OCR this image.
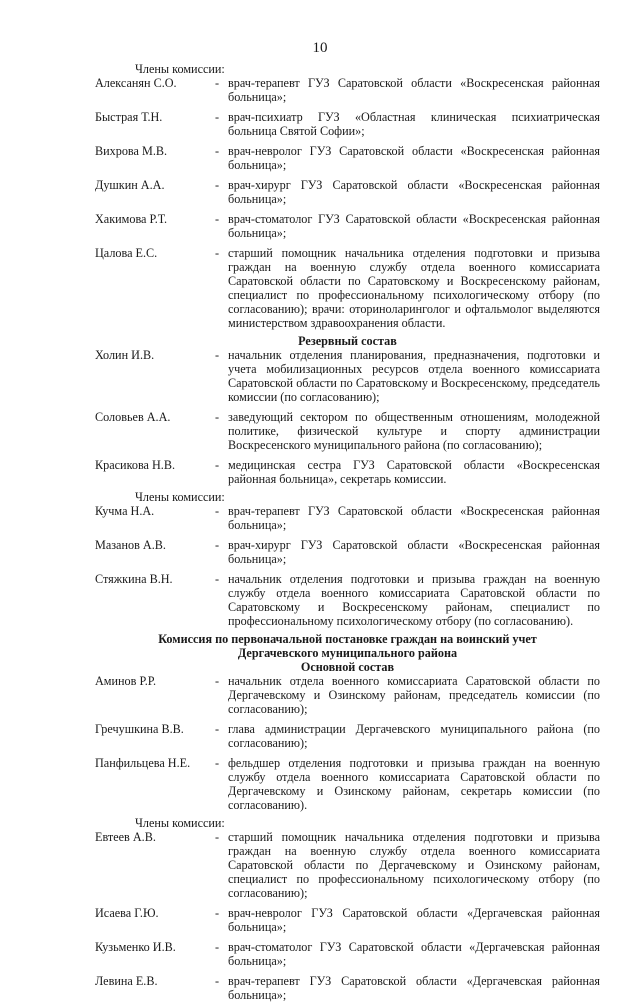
10
Члены комиссии:
Алексанян С.О.	- врач-терапевт ГУЗ Саратовской области «Воскресенская районная больница»;
Быстрая Т.Н.	- врач-психиатр ГУЗ «Областная клиническая психиатрическая больница Святой Софии»;
Вихрова М.В.	- врач-невролог ГУЗ Саратовской области «Воскресенская районная больница»;
Душкин А.А.	- врач-хирург ГУЗ Саратовской области «Воскресенская районная больница»;
Хакимова Р.Т.	- врач-стоматолог ГУЗ Саратовской области «Воскресенская районная больница»;
Цалова Е.С.	- старший помощник начальника отделения подготовки и призыва граждан на военную службу отдела военного комиссариата Саратовской области по Саратовскому и Воскресенскому районам, специалист по профессиональному психологическому отбору (по согласованию); врачи: оториноларинголог и офтальмолог выделяются министерством здравоохранения области.
Резервный состав
Холин И.В.	- начальник отделения планирования, предназначения, подготовки и учета мобилизационных ресурсов отдела военного комиссариата Саратовской области по Саратовскому и Воскресенскому, председатель комиссии (по согласованию);
Соловьев А.А.	- заведующий сектором по общественным отношениям, молодежной политике, физической культуре и спорту администрации Воскресенского муниципального района (по согласованию);
Красикова Н.В.	- медицинская сестра ГУЗ Саратовской области «Воскресенская районная больница», секретарь комиссии.
Члены комиссии:
Кучма Н.А.	- врач-терапевт ГУЗ Саратовской области «Воскресенская районная больница»;
Мазанов А.В.	- врач-хирург ГУЗ Саратовской области «Воскресенская районная больница»;
Стяжкина В.Н.	- начальник отделения подготовки и призыва граждан на военную службу отдела военного комиссариата Саратовской области по Саратовскому и Воскресенскому районам, специалист по профессиональному психологическому отбору (по согласованию).
Комиссия по первоначальной постановке граждан на воинский учет
Дергачевского муниципального района
Основной состав
Аминов Р.Р.	- начальник отдела военного комиссариата Саратовской области по Дергачевскому и Озинскому районам, председатель комиссии (по согласованию);
Гречушкина В.В.	- глава администрации Дергачевского муниципального района (по согласованию);
Панфильцева Н.Е.	- фельдшер отделения подготовки и призыва граждан на военную службу отдела военного комиссариата Саратовской области по Дергачевскому и Озинскому районам, секретарь комиссии (по согласованию).
Члены комиссии:
Евтеев А.В.	- старший помощник начальника отделения подготовки и призыва граждан на военную службу отдела военного комиссариата Саратовской области по Дергачевскому и Озинскому районам, специалист по профессиональному психологическому отбору (по согласованию);
Исаева Г.Ю.	- врач-невролог ГУЗ Саратовской области «Дергачевская районная больница»;
Кузьменко И.В.	- врач-стоматолог ГУЗ Саратовской области «Дергачевская районная больница»;
Левина Е.В.	- врач-терапевт ГУЗ Саратовской области «Дергачевская районная больница»;
